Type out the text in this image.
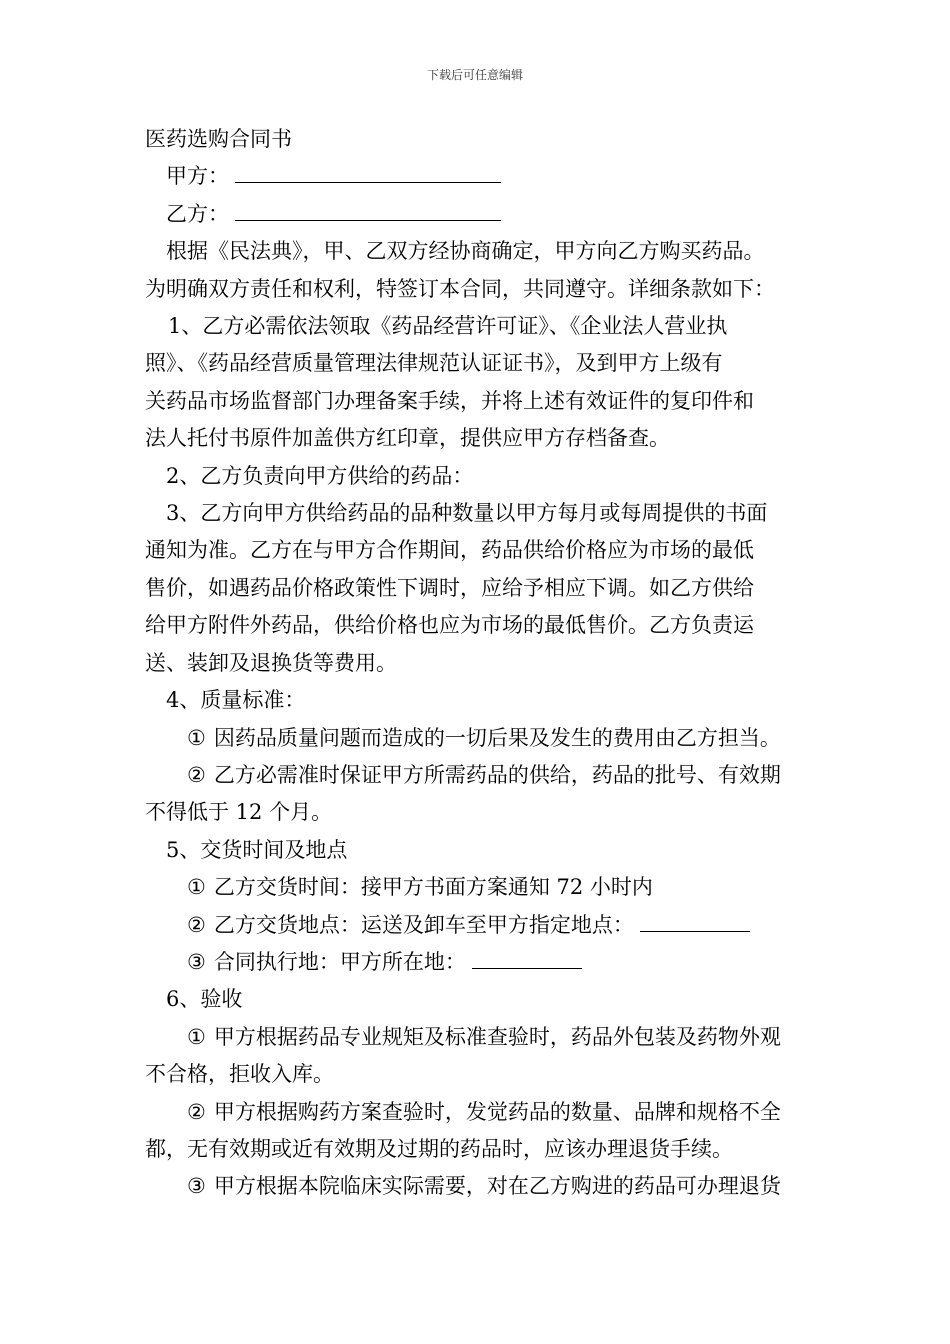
下载后可任意编辑

医药选购合同书

甲方：

乙方：

根据《民法典》，甲、乙双方经协商确定，甲方向乙方购买药品。

为明确双方责任和权利，特签订本合同，共同遵守。详细条款如下：

1、乙方必需依法领取《药品经营许可证》、《企业法人营业执

照》、《药品经营质量管理法律规范认证证书》，及到甲方上级有

关药品市场监督部门办理备案手续，并将上述有效证件的复印件和

法人托付书原件加盖供方红印章，提供应甲方存档备查。

2、乙方负责向甲方供给的药品：

3、乙方向甲方供给药品的品种数量以甲方每月或每周提供的书面

通知为准。乙方在与甲方合作期间，药品供给价格应为市场的最低

售价，如遇药品价格政策性下调时，应给予相应下调。如乙方供给

给甲方附件外药品，供给价格也应为市场的最低售价。乙方负责运

送、装卸及退换货等费用。

4、质量标准：

① 因药品质量问题而造成的一切后果及发生的费用由乙方担当。

② 乙方必需准时保证甲方所需药品的供给，药品的批号、有效期

不得低于 12 个月。

5、交货时间及地点

① 乙方交货时间：接甲方书面方案通知 72 小时内

② 乙方交货地点：运送及卸车至甲方指定地点：

③ 合同执行地：甲方所在地：

6、验收

① 甲方根据药品专业规矩及标准查验时，药品外包装及药物外观

不合格，拒收入库。

② 甲方根据购药方案查验时，发觉药品的数量、品牌和规格不全

都，无有效期或近有效期及过期的药品时，应该办理退货手续。

③ 甲方根据本院临床实际需要，对在乙方购进的药品可办理退货
